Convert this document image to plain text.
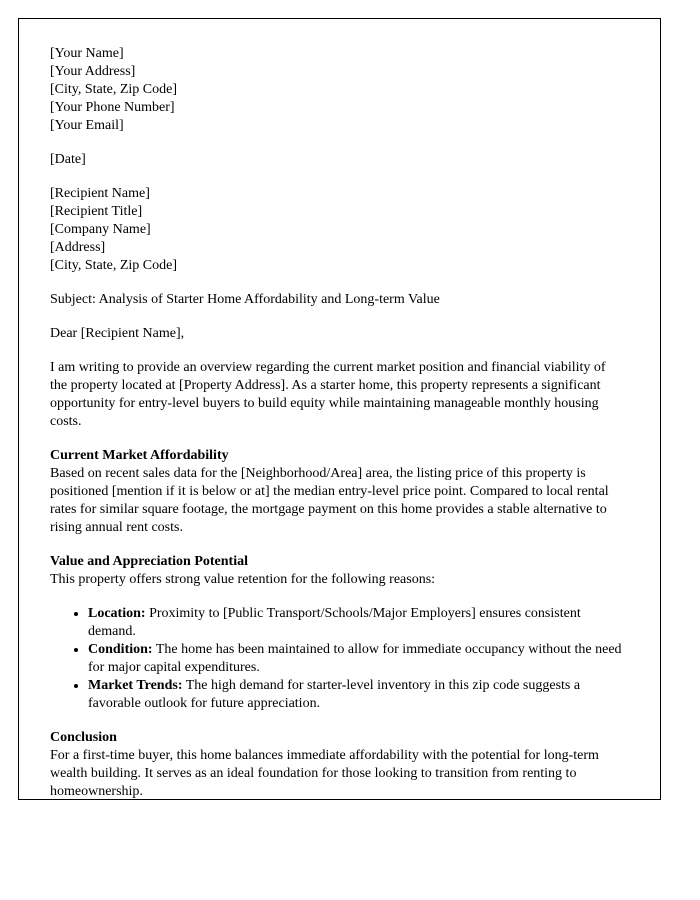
[Your Name]
[Your Address]
[City, State, Zip Code]
[Your Phone Number]
[Your Email]
[Date]
[Recipient Name]
[Recipient Title]
[Company Name]
[Address]
[City, State, Zip Code]

Subject: Analysis of Starter Home Affordability and Long-term Value

Dear [Recipient Name],

I am writing to provide an overview regarding the current market position and financial viability of the property located at [Property Address]. As a starter home, this property represents a significant opportunity for entry-level buyers to build equity while maintaining manageable monthly housing costs.

Current Market Affordability

Based on recent sales data for the [Neighborhood/Area] area, the listing price of this property is positioned [mention if it is below or at] the median entry-level price point. Compared to local rental rates for similar square footage, the mortgage payment on this home provides a stable alternative to rising annual rent costs.

Value and Appreciation Potential

This property offers strong value retention for the following reasons:

• Location: Proximity to [Public Transport/Schools/Major Employers] ensures consistent demand.
• Condition: The home has been maintained to allow for immediate occupancy without the need for major capital expenditures.
• Market Trends: The high demand for starter-level inventory in this zip code suggests a favorable outlook for future appreciation.
Conclusion

For a first-time buyer, this home balances immediate affordability with the potential for long-term wealth building. It serves as an ideal foundation for those looking to transition from renting to homeownership.
